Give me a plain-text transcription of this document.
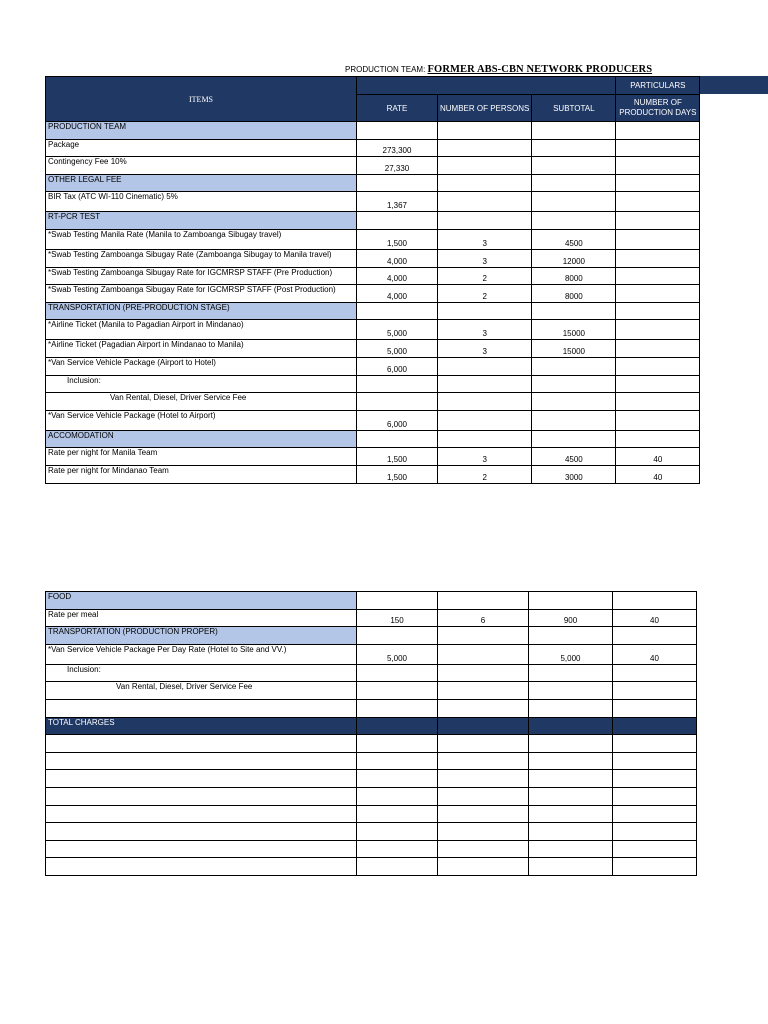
PRODUCTION TEAM: FORMER ABS-CBN NETWORK PRODUCERS
ITEMS				PARTICULARS
	RATE	NUMBER OF PERSONS	SUBTOTAL	NUMBER OF PRODUCTION DAYS
PRODUCTION TEAM				
Package	273,300			
Contingency Fee 10%	27,330			
OTHER LEGAL FEE				
BIR Tax (ATC WI-110 Cinematic) 5%	1,367			
RT-PCR TEST				
*Swab Testing Manila Rate (Manila to Zamboanga Sibugay travel)	1,500	3	4500	
*Swab Testing Zamboanga Sibugay Rate (Zamboanga Sibugay to Manila travel)	4,000	3	12000	
*Swab Testing Zamboanga Sibugay Rate for IGCMRSP STAFF (Pre Production)	4,000	2	8000	
*Swab Testing Zamboanga Sibugay Rate for IGCMRSP STAFF (Post Production)	4,000	2	8000	
TRANSPORTATION (PRE-PRODUCTION STAGE)				
*Airline Ticket (Manila to Pagadian Airport in Mindanao)	5,000	3	15000	
*Airline Ticket (Pagadian Airport in Mindanao to Manila)	5,000	3	15000	
*Van Service Vehicle Package (Airport to Hotel)	6,000			
Inclusion:				
Van Rental, Diesel, Driver Service Fee				
*Van Service Vehicle Package (Hotel to Airport)	6,000			
ACCOMODATION				
Rate per night for Manila Team	1,500	3	4500	40
Rate per night for Mindanao Team	1,500	2	3000	40
FOOD				
Rate per meal	150	6	900	40
TRANSPORTATION (PRODUCTION PROPER)				
*Van Service Vehicle Package Per Day Rate (Hotel to Site and VV.)	5,000		5,000	40
Inclusion:				
Van Rental, Diesel, Driver Service Fee				

TOTAL CHARGES				
